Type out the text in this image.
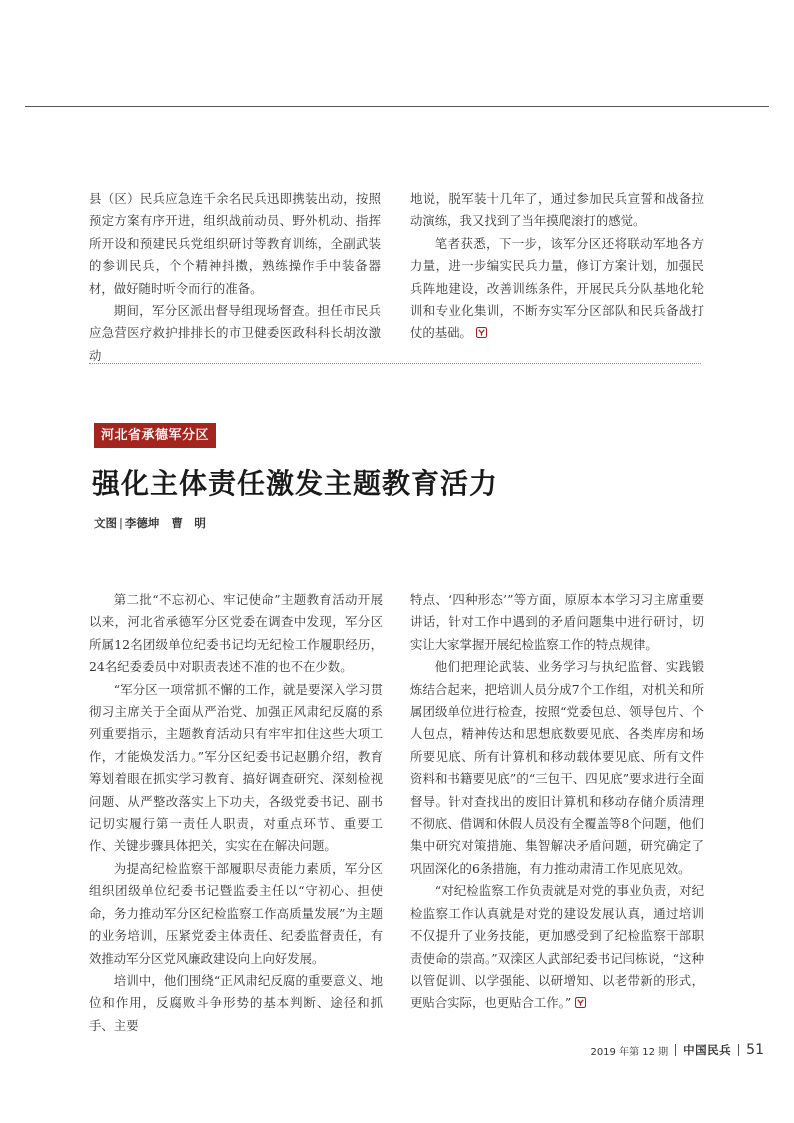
县（区）民兵应急连千余名民兵迅即携装出动，按照预定方案有序开进，组织战前动员、野外机动、指挥所开设和预建民兵党组织研讨等教育训练，全副武装的参训民兵，个个精神抖擞，熟练操作手中装备器材，做好随时听令而行的准备。

期间，军分区派出督导组现场督查。担任市民兵应急营医疗救护排排长的市卫健委医政科科长胡汝激动

地说，脱军装十几年了，通过参加民兵宣誓和战备拉动演练，我又找到了当年摸爬滚打的感觉。

笔者获悉，下一步，该军分区还将联动军地各方力量，进一步编实民兵力量，修订方案计划，加强民兵阵地建设，改善训练条件，开展民兵分队基地化轮训和专业化集训，不断夯实军分区部队和民兵备战打仗的基础。

河北省承德军分区
强化主体责任激发主题教育活力
文图 | 李德坤 曹　明

第二批“不忘初心、牢记使命”主题教育活动开展以来，河北省承德军分区党委在调查中发现，军分区所属12名团级单位纪委书记均无纪检工作履职经历，24名纪委委员中对职责表述不准的也不在少数。

“军分区一项常抓不懈的工作，就是要深入学习贯彻习主席关于全面从严治党、加强正风肃纪反腐的系列重要指示，主题教育活动只有牢牢扣住这些大项工作，才能焕发活力。”军分区纪委书记赵鹏介绍，教育筹划着眼在抓实学习教育、搞好调查研究、深刻检视问题、从严整改落实上下功夫，各级党委书记、副书记切实履行第一责任人职责，对重点环节、重要工作、关键步骤具体把关，实实在在解决问题。

为提高纪检监察干部履职尽责能力素质，军分区组织团级单位纪委书记暨监委主任以“守初心、担使命，务力推动军分区纪检监察工作高质量发展”为主题的业务培训，压紧党委主体责任、纪委监督责任，有效推动军分区党风廉政建设向上向好发展。

培训中，他们围绕“正风肃纪反腐的重要意义、地位和作用，反腐败斗争形势的基本判断、途径和抓手、主要

特点、‘四种形态’”等方面，原原本本学习习主席重要讲话，针对工作中遇到的矛盾问题集中进行研讨，切实让大家掌握开展纪检监察工作的特点规律。

他们把理论武装、业务学习与执纪监督、实践锻炼结合起来，把培训人员分成7个工作组，对机关和所属团级单位进行检查，按照“党委包总、领导包片、个人包点，精神传达和思想底数要见底、各类库房和场所要见底、所有计算机和移动载体要见底、所有文件资料和书籍要见底”的“三包干、四见底”要求进行全面督导。针对查找出的废旧计算机和移动存储介质清理不彻底、借调和休假人员没有全覆盖等8个问题，他们集中研究对策措施、集智解决矛盾问题，研究确定了巩固深化的6条措施，有力推动肃清工作见底见效。

“对纪检监察工作负责就是对党的事业负责，对纪检监察工作认真就是对党的建设发展认真，通过培训不仅提升了业务技能，更加感受到了纪检监察干部职责使命的崇高。”双滦区人武部纪委书记闫栋说，“这种以管促训、以学强能、以研增知、以老带新的形式，更贴合实际，也更贴合工作。”

2019 年第 12 期 中国民兵 51
